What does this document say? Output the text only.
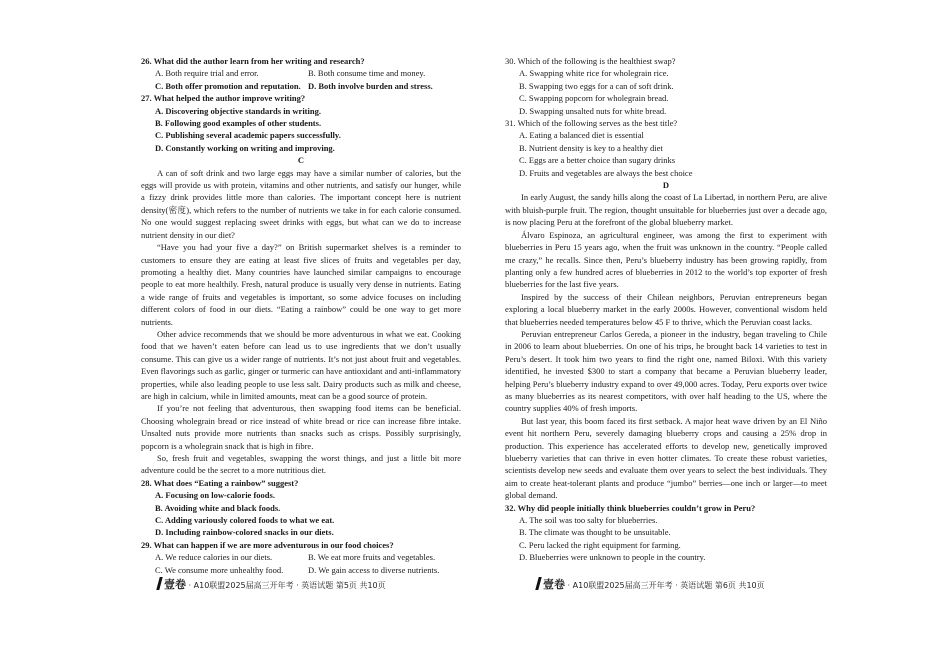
26. What did the author learn from her writing and research?

A. Both require trial and error.	B. Both consume time and money.
C. Both offer promotion and reputation. D. Both involve burden and stress.

27. What helped the author improve writing?

A. Discovering objective standards in writing.

B. Following good examples of other students.

C. Publishing several academic papers successfully.

D. Constantly working on writing and improving.

C

A can of soft drink and two large eggs may have a similar number of calories, but the eggs will provide us with protein, vitamins and other nutrients, and satisfy our hunger, while a fizzy drink provides little more than calories. The important concept here is nutrient density(密度), which refers to the number of nutrients we take in for each calorie consumed. No one would suggest replacing sweet drinks with eggs, but what can we do to increase nutrient density in our diet?

“Have you had your five a day?” on British supermarket shelves is a reminder to customers to ensure they are eating at least five slices of fruits and vegetables per day, promoting a healthy diet. Many countries have launched similar campaigns to encourage people to eat more healthily. Fresh, natural produce is usually very dense in nutrients. Eating a wide range of fruits and vegetables is important, so some advice focuses on including different colors of food in our diets. “Eating a rainbow” could be one way to get more nutrients.

Other advice recommends that we should be more adventurous in what we eat. Cooking food that we haven’t eaten before can lead us to use ingredients that we don’t usually consume. This can give us a wider range of nutrients. It’s not just about fruit and vegetables. Even flavorings such as garlic, ginger or turmeric can have antioxidant and anti-inflammatory properties, while also leading people to use less salt. Dairy products such as milk and cheese, are high in calcium, while in limited amounts, meat can be a good source of protein.

If you’re not feeling that adventurous, then swapping food items can be beneficial. Choosing wholegrain bread or rice instead of white bread or rice can increase fibre intake. Unsalted nuts provide more nutrients than snacks such as crisps. Possibly surprisingly, popcorn is a wholegrain snack that is high in fibre.

So, fresh fruit and vegetables, swapping the worst things, and just a little bit more adventure could be the secret to a more nutritious diet.

28. What does “Eating a rainbow” suggest?

A. Focusing on low-calorie foods.

B. Avoiding white and black foods.

C. Adding variously colored foods to what we eat.

D. Including rainbow-colored snacks in our diets.

29. What can happen if we are more adventurous in our food choices?

A. We reduce calories in our diets.	B. We eat more fruits and vegetables.
C. We consume more unhealthy food.	D. We gain access to diverse nutrients.
壹卷 · A10联盟2025届高三开年考 · 英语试题 第5页 共10页

30. Which of the following is the healthiest swap?

A. Swapping white rice for wholegrain rice.

B. Swapping two eggs for a can of soft drink.

C. Swapping popcorn for wholegrain bread.

D. Swapping unsalted nuts for white bread.

31. Which of the following serves as the best title?

A. Eating a balanced diet is essential

B. Nutrient density is key to a healthy diet

C. Eggs are a better choice than sugary drinks

D. Fruits and vegetables are always the best choice

D

In early August, the sandy hills along the coast of La Libertad, in northern Peru, are alive with bluish-purple fruit. The region, thought unsuitable for blueberries just over a decade ago, is now placing Peru at the forefront of the global blueberry market.

Álvaro Espinoza, an agricultural engineer, was among the first to experiment with blueberries in Peru 15 years ago, when the fruit was unknown in the country. “People called me crazy,” he recalls. Since then, Peru’s blueberry industry has been growing rapidly, from planting only a few hundred acres of blueberries in 2012 to the world’s top exporter of fresh blueberries for the last five years.

Inspired by the success of their Chilean neighbors, Peruvian entrepreneurs began exploring a local blueberry market in the early 2000s. However, conventional wisdom held that blueberries needed temperatures below 45 F to thrive, which the Peruvian coast lacks.

Peruvian entrepreneur Carlos Gereda, a pioneer in the industry, began traveling to Chile in 2006 to learn about blueberries. On one of his trips, he brought back 14 varieties to test in Peru’s desert. It took him two years to find the right one, named Biloxi. With this variety identified, he invested $300 to start a company that became a Peruvian blueberry leader, helping Peru’s blueberry industry expand to over 49,000 acres. Today, Peru exports over twice as many blueberries as its nearest competitors, with over half heading to the US, where the country supplies 40% of fresh imports.

But last year, this boom faced its first setback. A major heat wave driven by an El Niño event hit northern Peru, severely damaging blueberry crops and causing a 25% drop in production. This experience has accelerated efforts to develop new, genetically improved blueberry varieties that can thrive in even hotter climates. To create these robust varieties, scientists develop new seeds and evaluate them over years to select the best individuals. They aim to create heat-tolerant plants and produce “jumbo” berries—one inch or larger—to meet global demand.

32. Why did people initially think blueberries couldn’t grow in Peru?

A. The soil was too salty for blueberries.

B. The climate was thought to be unsuitable.

C. Peru lacked the right equipment for farming.

D. Blueberries were unknown to people in the country.

壹卷 · A10联盟2025届高三开年考 · 英语试题 第6页 共10页
